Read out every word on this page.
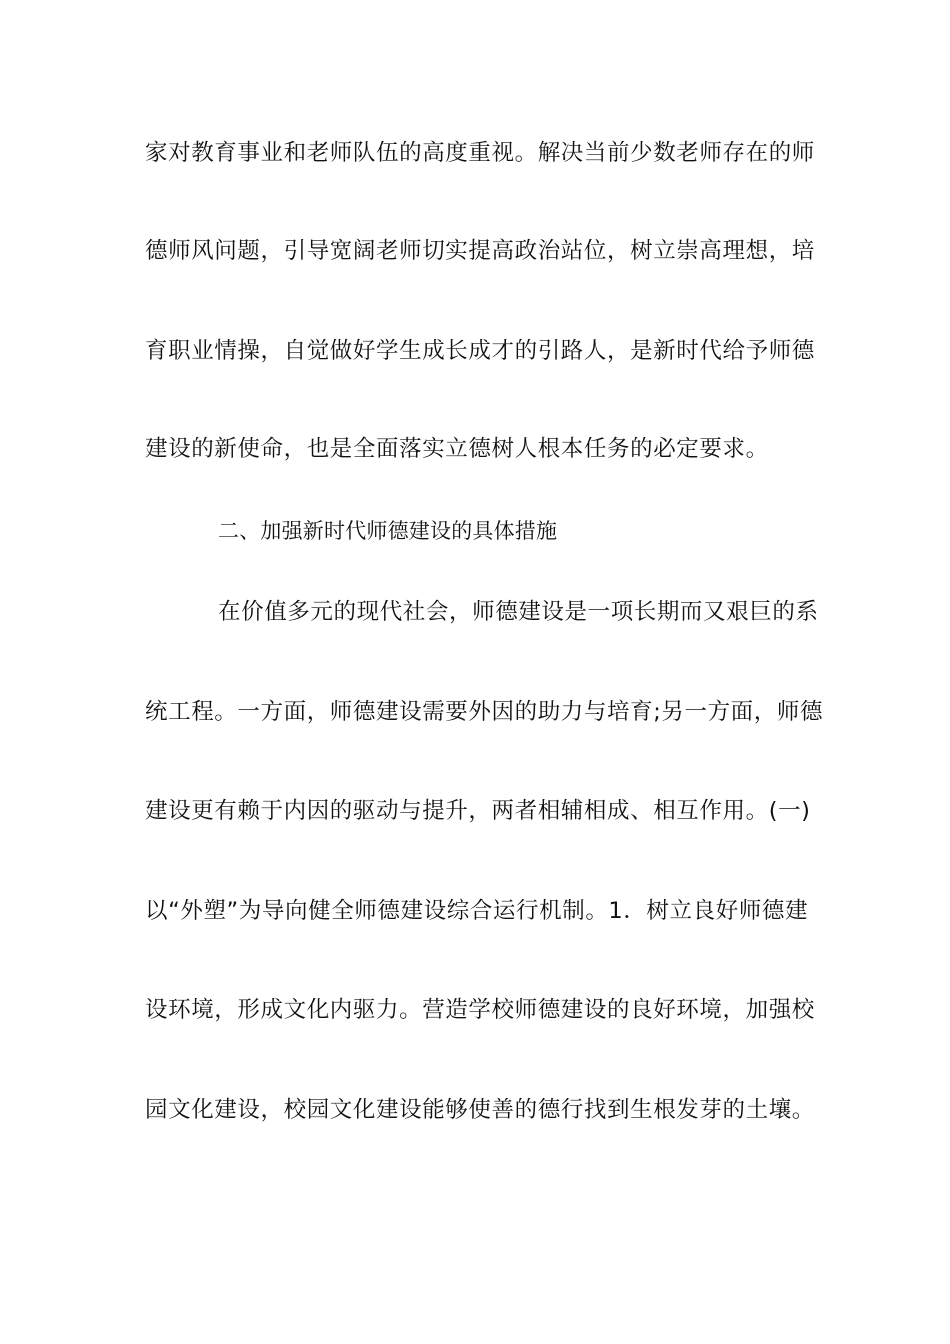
家对教育事业和老师队伍的高度重视。解决当前少数老师存在的师
德师风问题，引导宽阔老师切实提高政治站位，树立崇高理想，培
育职业情操，自觉做好学生成长成才的引路人，是新时代给予师德
建设的新使命，也是全面落实立德树人根本任务的必定要求。
二、加强新时代师德建设的具体措施
在价值多元的现代社会，师德建设是一项长期而又艰巨的系
统工程。一方面，师德建设需要外因的助力与培育;另一方面，师德
建设更有赖于内因的驱动与提升，两者相辅相成、相互作用。(一)
以“外塑”为导向健全师德建设综合运行机制。1．树立良好师德建
设环境，形成文化内驱力。营造学校师德建设的良好环境，加强校
园文化建设，校园文化建设能够使善的德行找到生根发芽的土壤。
